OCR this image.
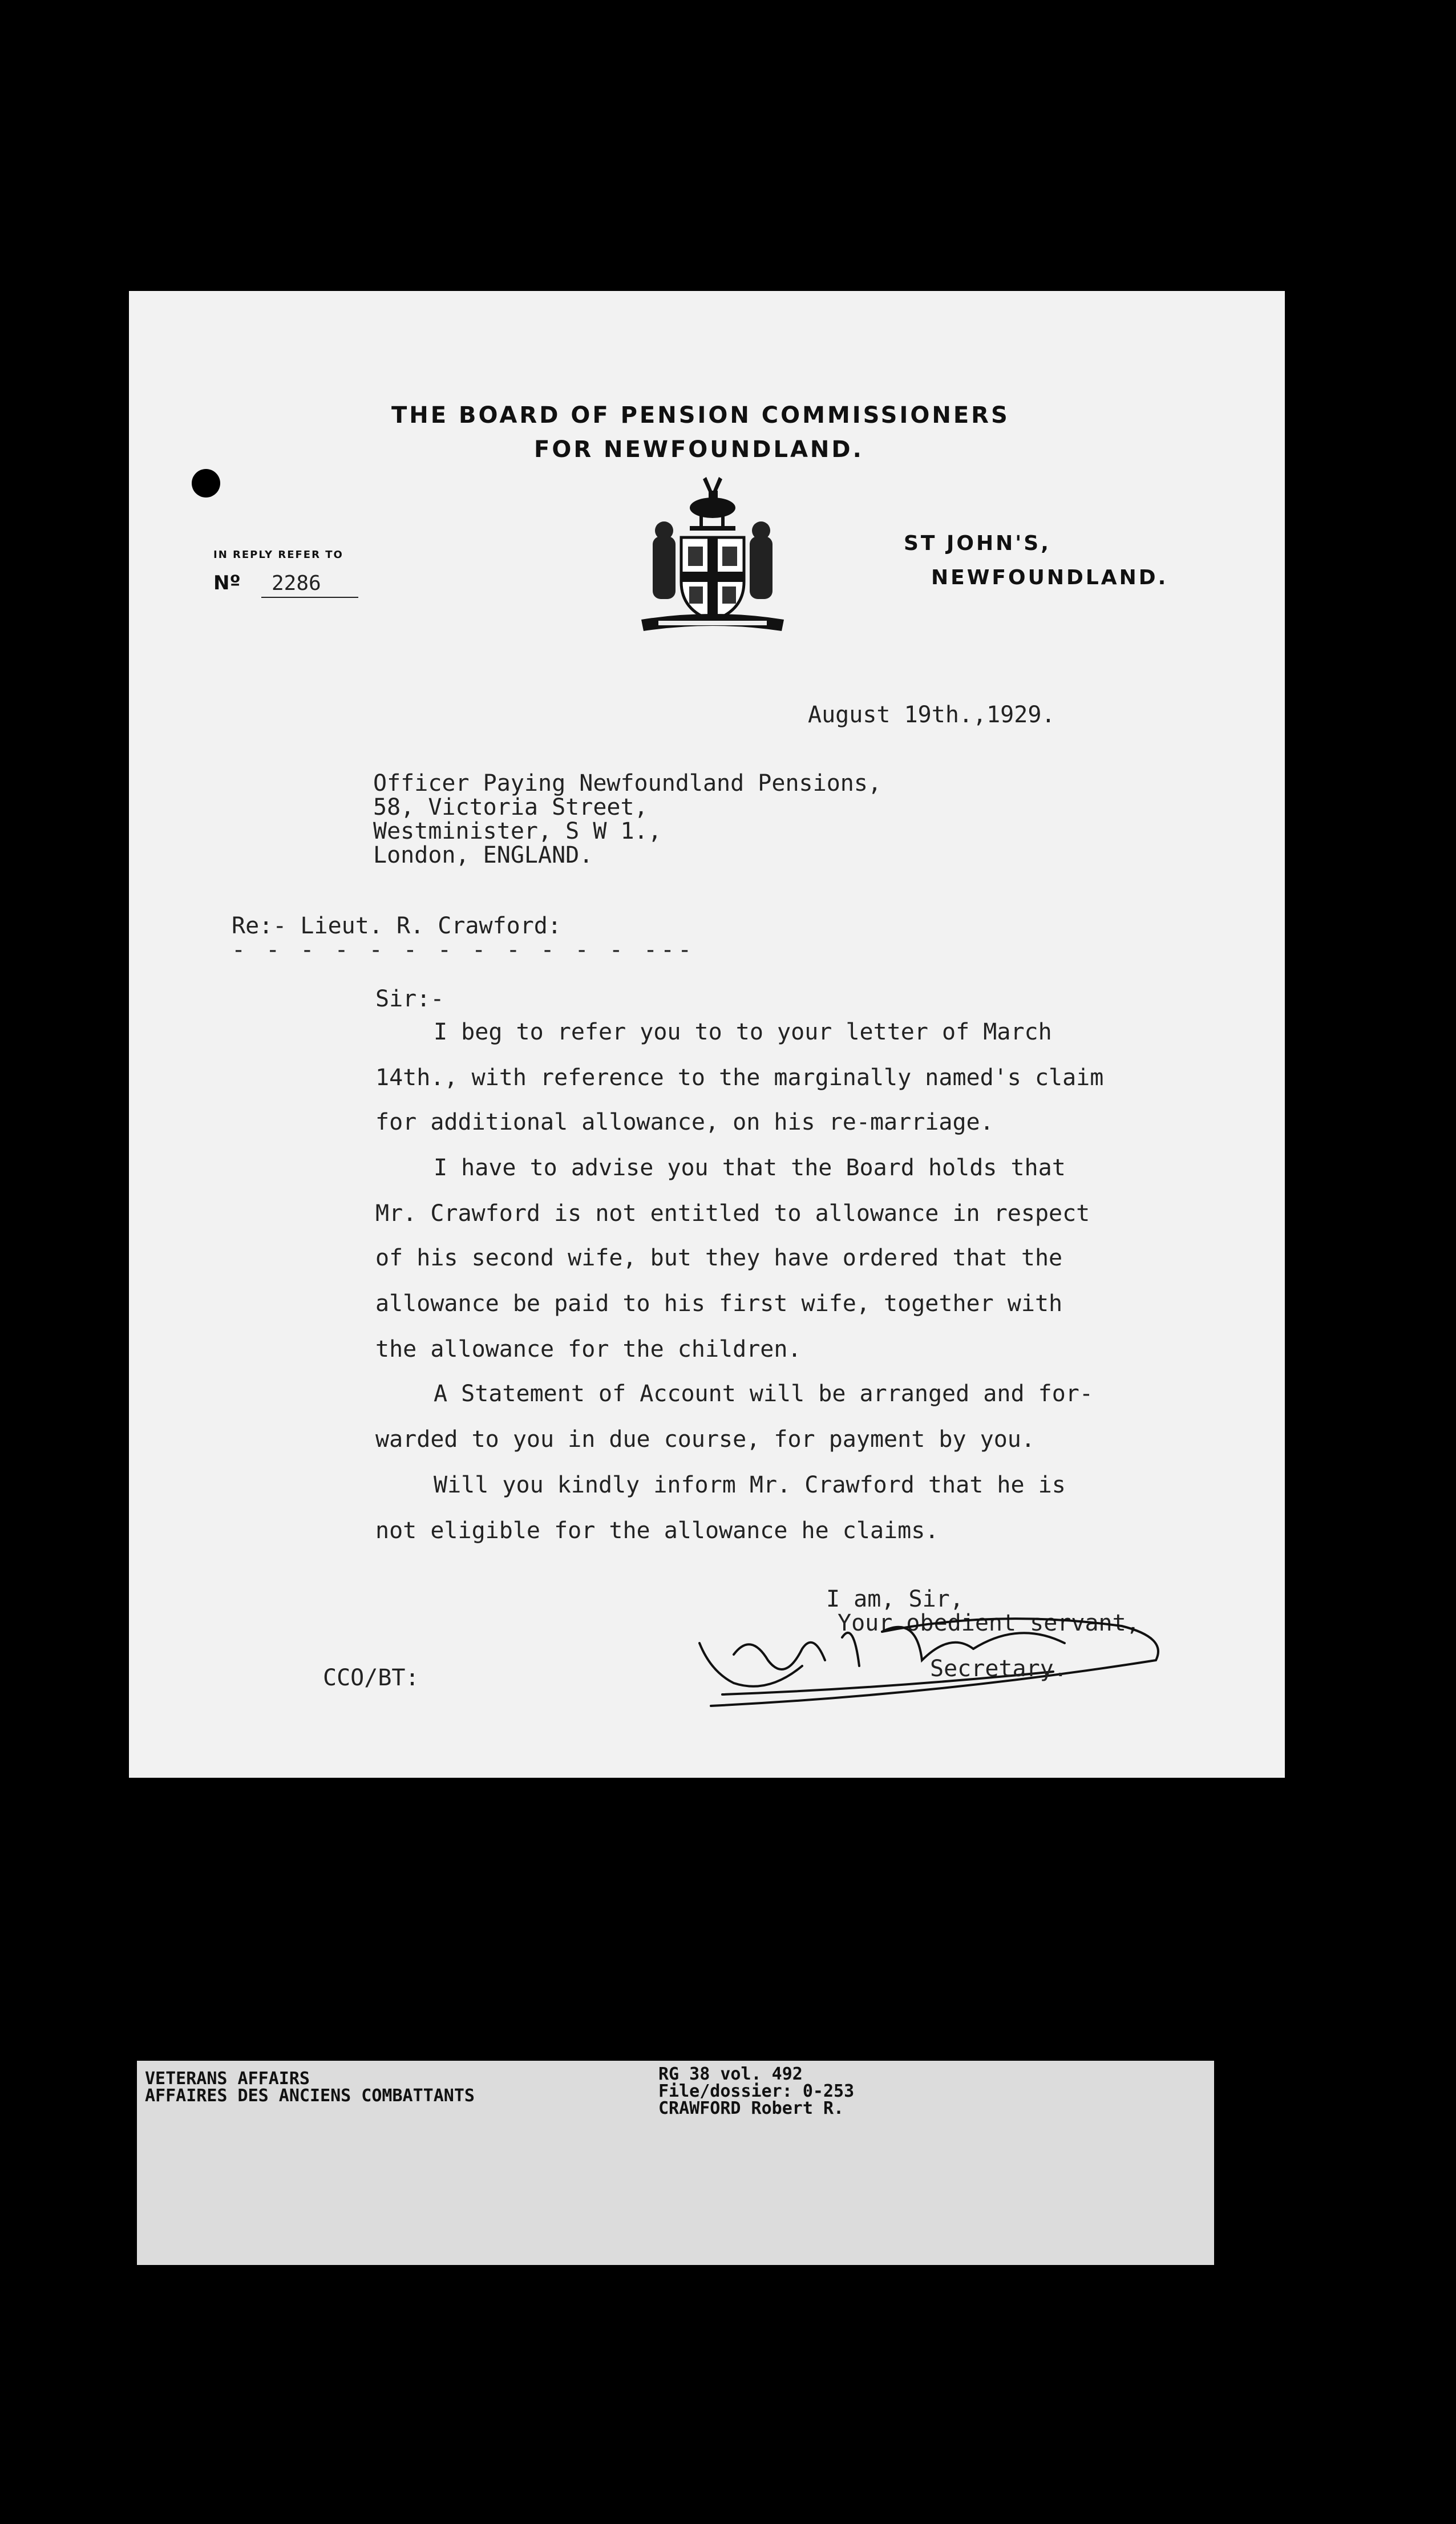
THE BOARD OF PENSION COMMISSIONERS
FOR NEWFOUNDLAND.
IN REPLY REFER TO
Nº 2286
ST JOHN'S,
NEWFOUNDLAND.
August 19th.,1929.
Officer Paying Newfoundland Pensions,
58, Victoria Street,
Westminister, S W 1.,
London, ENGLAND.
Re:- Lieut. R. Crawford:
- - - - - - - - - - - - ---
Sir:-
I beg to refer you to to your letter of March
14th., with reference to the marginally named's claim
for additional allowance, on his re-marriage.
I have to advise you that the Board holds that
Mr. Crawford is not entitled to allowance in respect
of his second wife, but they have ordered that the
allowance be paid to his first wife, together with
the allowance for the children.
A Statement of Account will be arranged and for-
warded to you in due course, for payment by you.
Will you kindly inform Mr. Crawford that he is
not eligible for the allowance he claims.
I am, Sir,
Your obedient servant,
Secretary.
CCO/BT:
VETERANS AFFAIRS
AFFAIRES DES ANCIENS COMBATTANTS
RG 38 vol. 492
File/dossier: 0-253
CRAWFORD Robert R.
